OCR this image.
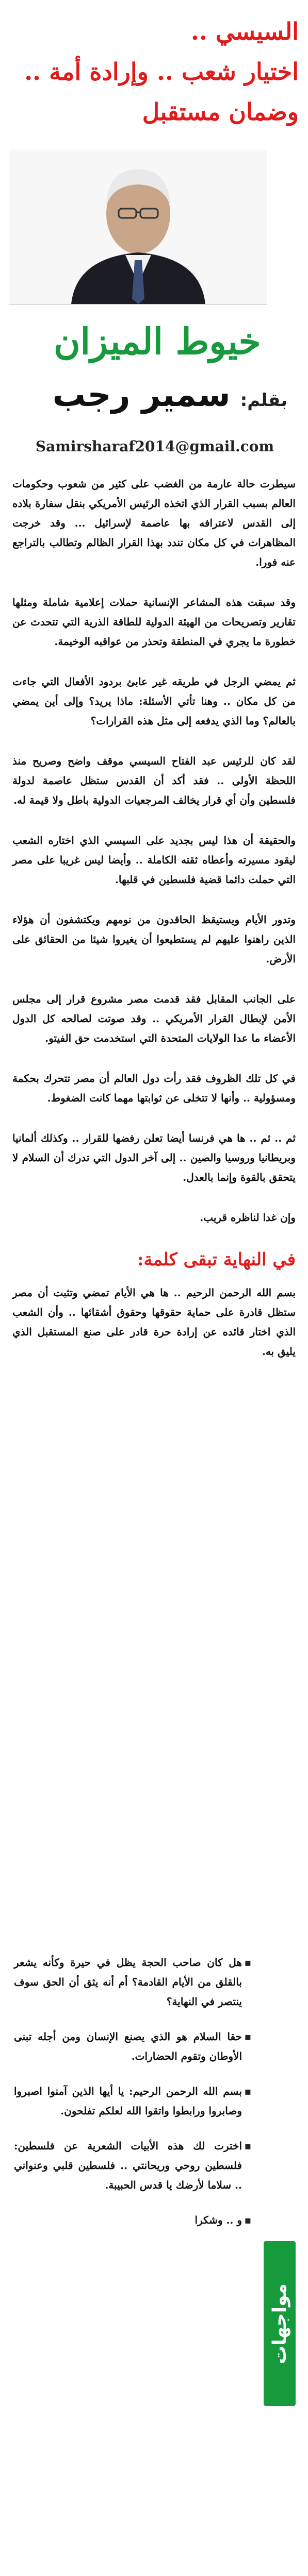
السيسي ..
اختيار شعب .. وإرادة أمة ..
وضمان مستقبل
خيوط الميزان
بقلم: سمير رجب
Samirsharaf2014@gmail.com

سيطرت حالة عارمة من الغضب على كثير من شعوب وحكومات العالم بسبب القرار الذي اتخذه الرئيس الأمريكي بنقل سفارة بلاده إلى القدس لاعترافه بها عاصمة لإسرائيل ... وقد خرجت المظاهرات في كل مكان تندد بهذا القرار الظالم وتطالب بالتراجع عنه فورا.

وقد سبقت هذه المشاعر الإنسانية حملات إعلامية شاملة ومثلها تقارير وتصريحات من الهيئة الدولية للطاقة الذرية التي تتحدث عن خطورة ما يجري في المنطقة وتحذر من عواقبه الوخيمة.

ثم يمضي الرجل في طريقه غير عابئ بردود الأفعال التي جاءت من كل مكان .. وهنا تأتي الأسئلة: ماذا يريد؟ وإلى أين يمضي بالعالم؟ وما الذي يدفعه إلى مثل هذه القرارات؟

لقد كان للرئيس عبد الفتاح السيسي موقف واضح وصريح منذ اللحظة الأولى .. فقد أكد أن القدس ستظل عاصمة لدولة فلسطين وأن أي قرار يخالف المرجعيات الدولية باطل ولا قيمة له.

والحقيقة أن هذا ليس بجديد على السيسي الذي اختاره الشعب ليقود مسيرته وأعطاه ثقته الكاملة .. وأيضا ليس غريبا على مصر التي حملت دائما قضية فلسطين في قلبها.

وتدور الأيام ويستيقظ الحاقدون من نومهم ويكتشفون أن هؤلاء الذين راهنوا عليهم لم يستطيعوا أن يغيروا شيئا من الحقائق على الأرض.

على الجانب المقابل فقد قدمت مصر مشروع قرار إلى مجلس الأمن لإبطال القرار الأمريكي .. وقد صوتت لصالحه كل الدول الأعضاء ما عدا الولايات المتحدة التي استخدمت حق الفيتو.

في كل تلك الظروف فقد رأت دول العالم أن مصر تتحرك بحكمة ومسؤولية .. وأنها لا تتخلى عن ثوابتها مهما كانت الضغوط.

ثم .. ثم .. ها هي فرنسا أيضا تعلن رفضها للقرار .. وكذلك ألمانيا وبريطانيا وروسيا والصين .. إلى آخر الدول التي تدرك أن السلام لا يتحقق بالقوة وإنما بالعدل.

وإن غدا لناظره قريب.

في النهاية تبقى كلمة:

بسم الله الرحمن الرحيم .. ها هي الأيام تمضي وتثبت أن مصر ستظل قادرة على حماية حقوقها وحقوق أشقائها .. وأن الشعب الذي اختار قائده عن إرادة حرة قادر على صنع المستقبل الذي يليق به.

مواجهات
▪ هل كان صاحب الحجة يظل في حيرة وكأنه يشعر بالقلق من الأيام القادمة؟ أم أنه يثق أن الحق سوف ينتصر في النهاية؟
▪ حقا السلام هو الذي يصنع الإنسان ومن أجله تبنى الأوطان وتقوم الحضارات.
▪ بسم الله الرحمن الرحيم: يا أيها الذين آمنوا اصبروا وصابروا ورابطوا واتقوا الله لعلكم تفلحون.
▪ اخترت لك هذه الأبيات الشعرية عن فلسطين: فلسطين روحي وريحانتي .. فلسطين قلبي وعنواني .. سلاما لأرضك يا قدس الحبيبة.
▪ و .. وشكرا
